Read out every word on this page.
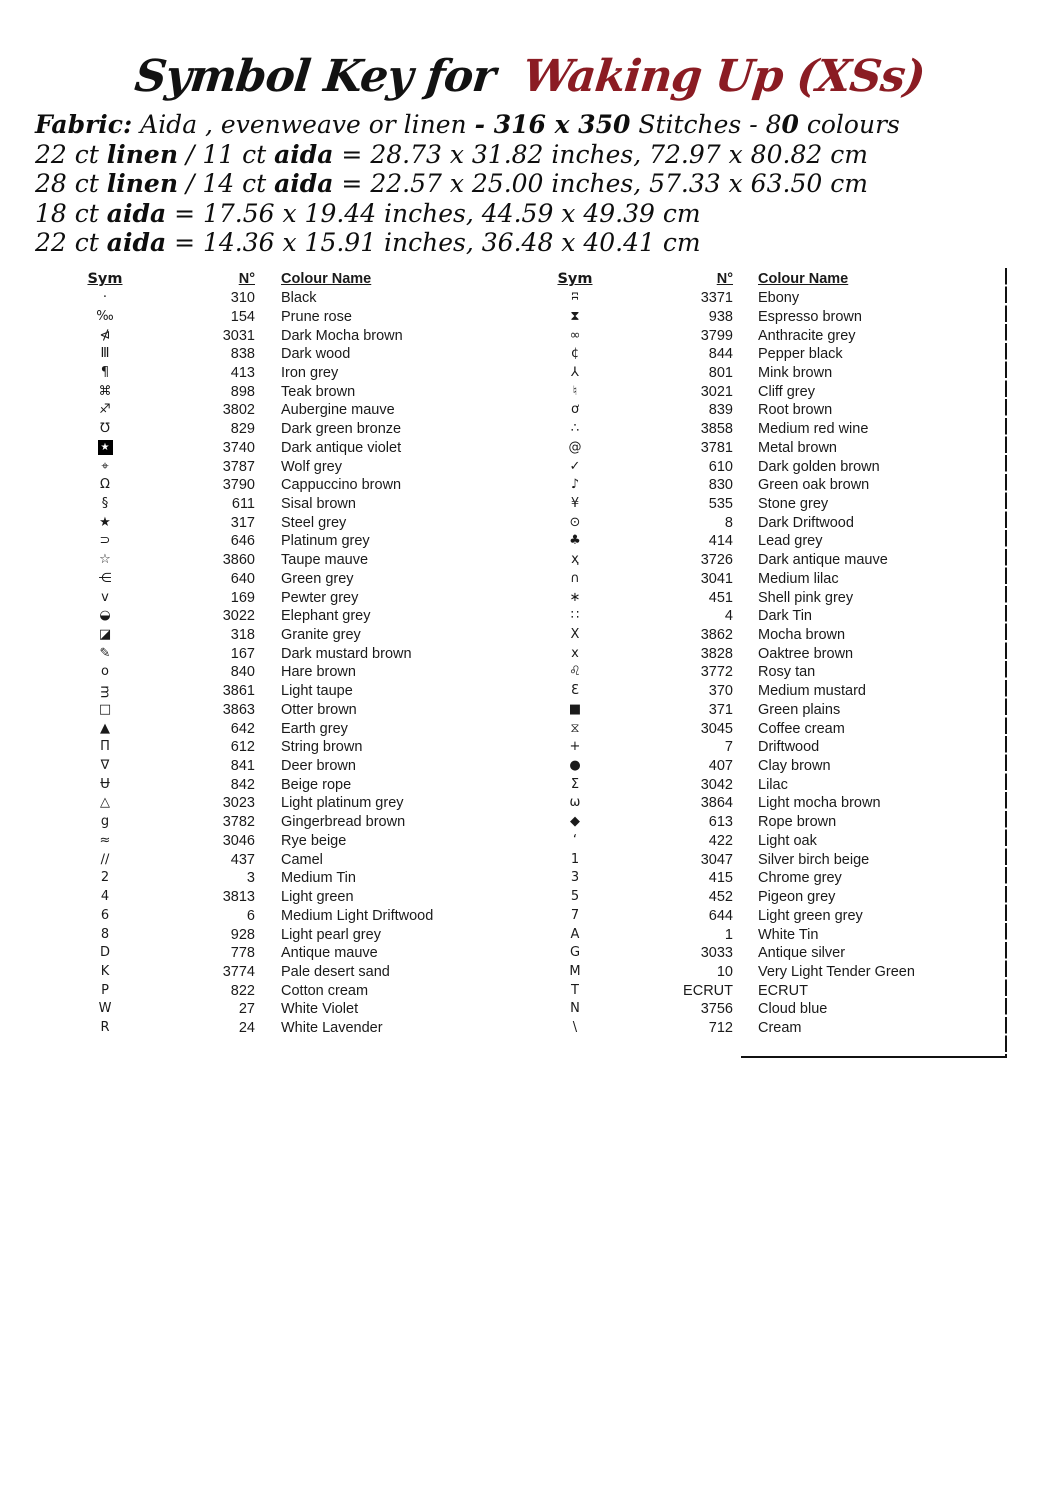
Symbol Key for Waking Up (XSs)
Fabric: Aida , evenweave or linen - 316 x 350 Stitches - 80 colours
22 ct linen / 11 ct aida = 28.73 x 31.82 inches, 72.97 x 80.82 cm
28 ct linen / 14 ct aida = 22.57 x 25.00 inches, 57.33 x 63.50 cm
18 ct aida = 17.56 x 19.44 inches, 44.59 x 49.39 cm
22 ct aida = 14.36 x 15.91 inches, 36.48 x 40.41 cm
Sym	N° Colour Name
·	310 Black
‰	154 Prune rose
⋪	3031 Dark Mocha brown
Ⅲ	838 Dark wood
¶	413 Iron grey
⌘	898 Teak brown
♐	3802 Aubergine mauve
℧	829 Dark green bronze
★	3740 Dark antique violet
⌖	3787 Wolf grey
Ω	3790 Cappuccino brown
§	611 Sisal brown
★	317 Steel grey
⊃	646 Platinum grey
☆	3860 Taupe mauve
⋲	640 Green grey
v	169 Pewter grey
◒	3022 Elephant grey
◪	318 Granite grey
✎	167 Dark mustard brown
o	840 Hare brown
ᴟ	3861 Light taupe
□	3863 Otter brown
▲	642 Earth grey
Π	612 String brown
∇	841 Deer brown
Ʉ	842 Beige rope
△	3023 Light platinum grey
g	3782 Gingerbread brown
≈	3046 Rye beige
∕∕	437 Camel
2	3 Medium Tin
4	3813 Light green
6	6 Medium Light Driftwood
8	928 Light pearl grey
D	778 Antique mauve
K	3774 Pale desert sand
P	822 Cotton cream
W	27 White Violet
R	24 White Lavender
Sym	N° Colour Name
ʭ	3371 Ebony
⧗	938 Espresso brown
∞	3799 Anthracite grey
¢	844 Pepper black
⅄	801 Mink brown
♮	3021 Cliff grey
ơ	839 Root brown
∴	3858 Medium red wine
@	3781 Metal brown
✓	610 Dark golden brown
♪	830 Green oak brown
¥	535 Stone grey
⊙	8 Dark Driftwood
♣	414 Lead grey
ҳ	3726 Dark antique mauve
∩	3041 Medium lilac
∗	451 Shell pink grey
∷	4 Dark Tin
Ⅹ	3862 Mocha brown
x	3828 Oaktree brown
♌	3772 Rosy tan
Ɛ	370 Medium mustard
■	371 Green plains
⧖	3045 Coffee cream
+	7 Driftwood
●	407 Clay brown
Σ	3042 Lilac
ω	3864 Light mocha brown
◆	613 Rope brown
‘	422 Light oak
1	3047 Silver birch beige
3	415 Chrome grey
5	452 Pigeon grey
7	644 Light green grey
A	1 White Tin
G	3033 Antique silver
M	10 Very Light Tender Green
T	ECRUT ECRUT
N	3756 Cloud blue
\	712 Cream
